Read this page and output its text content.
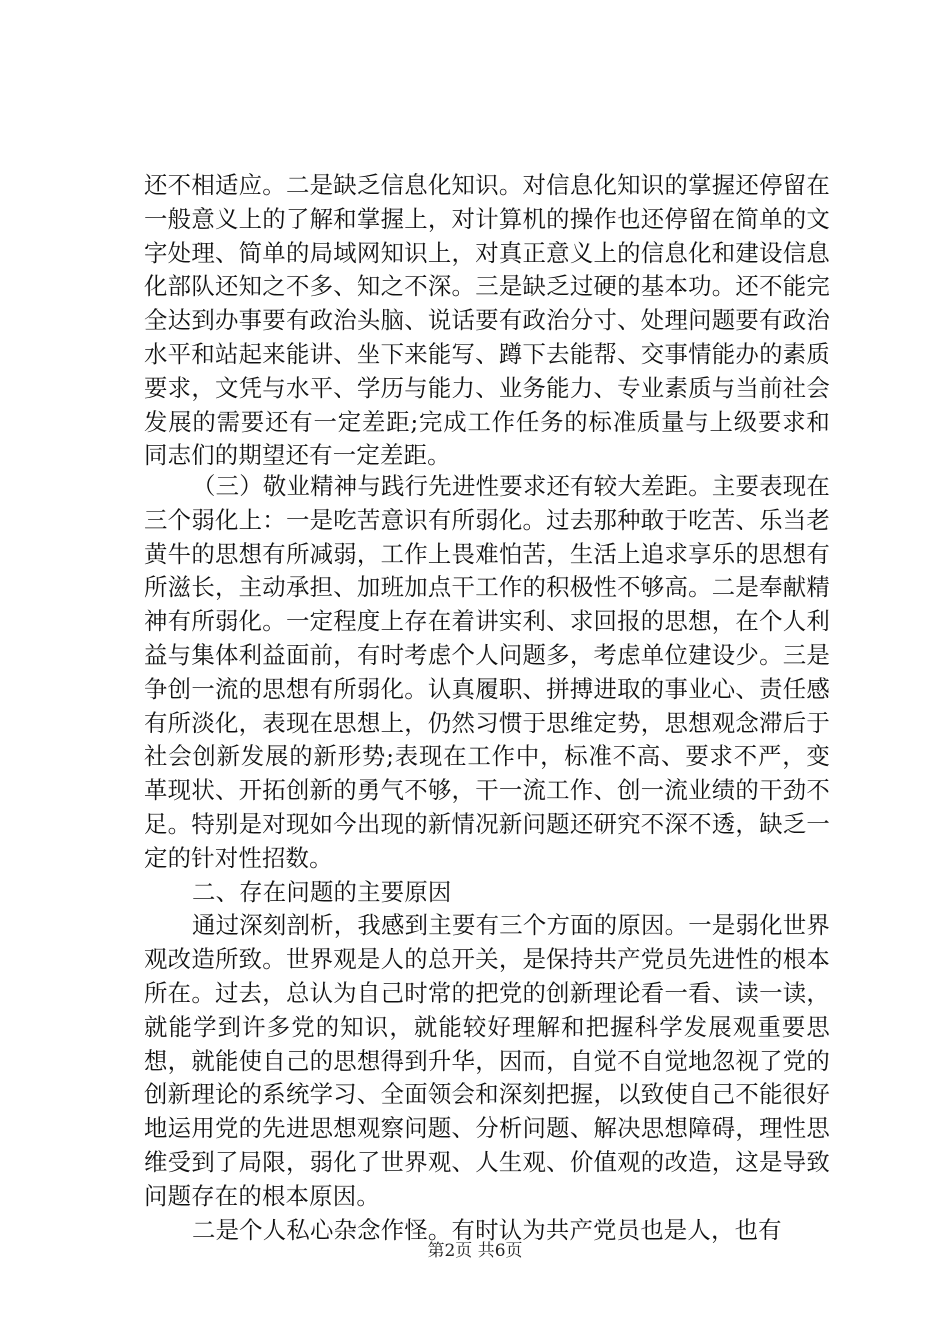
还不相适应。二是缺乏信息化知识。对信息化知识的掌握还停留在一般意义上的了解和掌握上，对计算机的操作也还停留在简单的文字处理、简单的局域网知识上，对真正意义上的信息化和建设信息化部队还知之不多、知之不深。三是缺乏过硬的基本功。还不能完全达到办事要有政治头脑、说话要有政治分寸、处理问题要有政治水平和站起来能讲、坐下来能写、蹲下去能帮、交事情能办的素质要求，文凭与水平、学历与能力、业务能力、专业素质与当前社会发展的需要还有一定差距;完成工作任务的标准质量与上级要求和同志们的期望还有一定差距。

（三）敬业精神与践行先进性要求还有较大差距。主要表现在三个弱化上：一是吃苦意识有所弱化。过去那种敢于吃苦、乐当老黄牛的思想有所减弱，工作上畏难怕苦，生活上追求享乐的思想有所滋长，主动承担、加班加点干工作的积极性不够高。二是奉献精神有所弱化。一定程度上存在着讲实利、求回报的思想，在个人利益与集体利益面前，有时考虑个人问题多，考虑单位建设少。三是争创一流的思想有所弱化。认真履职、拼搏进取的事业心、责任感有所淡化，表现在思想上，仍然习惯于思维定势，思想观念滞后于社会创新发展的新形势;表现在工作中，标准不高、要求不严，变革现状、开拓创新的勇气不够，干一流工作、创一流业绩的干劲不足。特别是对现如今出现的新情况新问题还研究不深不透，缺乏一定的针对性招数。

二、存在问题的主要原因

通过深刻剖析，我感到主要有三个方面的原因。一是弱化世界观改造所致。世界观是人的总开关，是保持共产党员先进性的根本所在。过去，总认为自己时常的把党的创新理论看一看、读一读，就能学到许多党的知识，就能较好理解和把握科学发展观重要思想，就能使自己的思想得到升华，因而，自觉不自觉地忽视了党的创新理论的系统学习、全面领会和深刻把握，以致使自己不能很好地运用党的先进思想观察问题、分析问题、解决思想障碍，理性思维受到了局限，弱化了世界观、人生观、价值观的改造，这是导致问题存在的根本原因。

二是个人私心杂念作怪。有时认为共产党员也是人，也有

第2页 共6页
